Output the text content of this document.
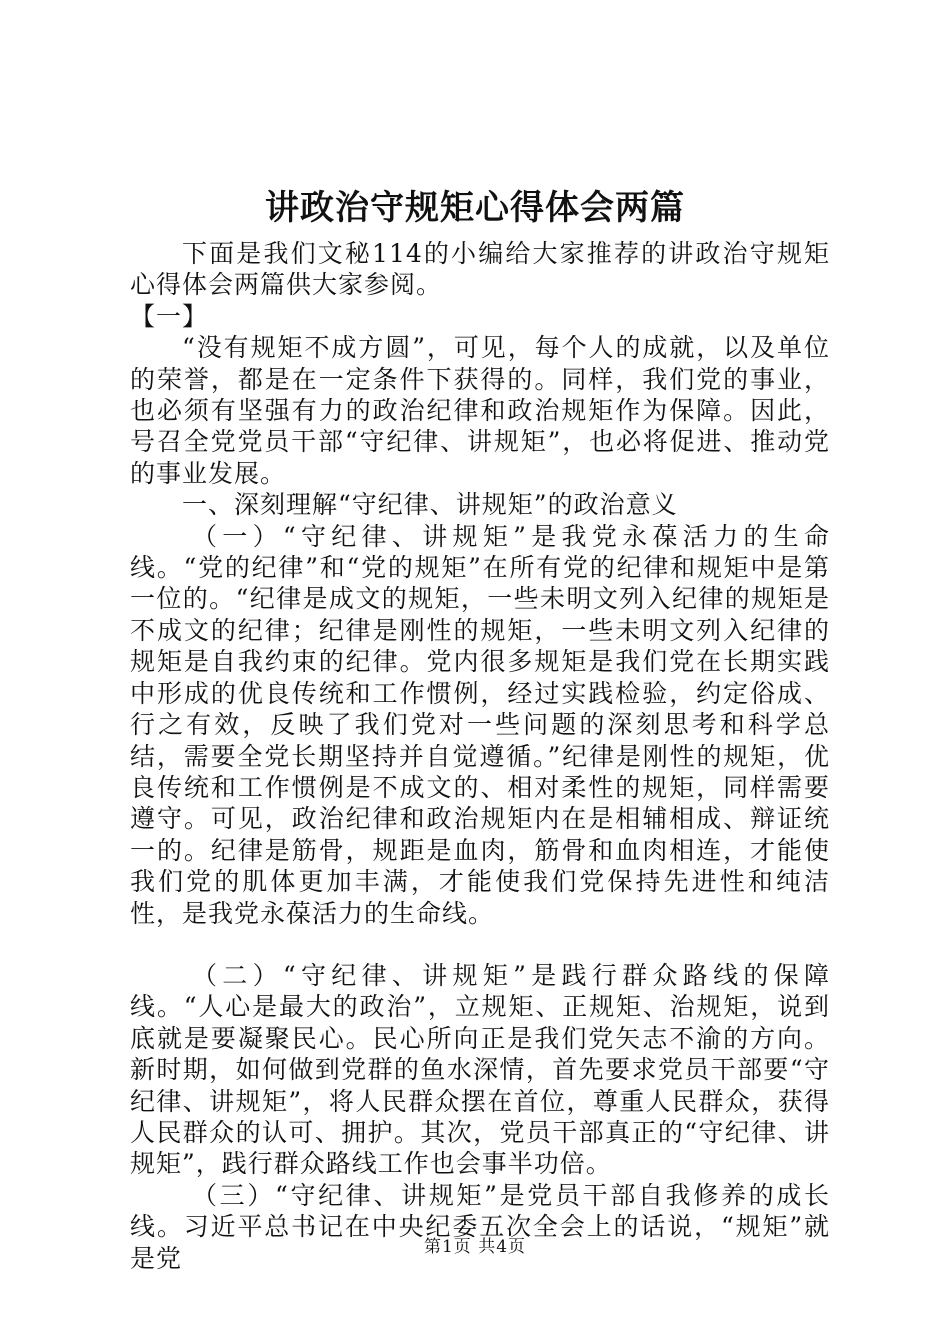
讲政治守规矩心得体会两篇

下面是我们文秘114的小编给大家推荐的讲政治守规矩心得体会两篇供大家参阅。

【一】

“没有规矩不成方圆”，可见，每个人的成就，以及单位的荣誉，都是在一定条件下获得的。同样，我们党的事业，也必须有坚强有力的政治纪律和政治规矩作为保障。因此，号召全党党员干部“守纪律、讲规矩”，也必将促进、推动党的事业发展。

一、深刻理解“守纪律、讲规矩”的政治意义

（一）“守纪律、讲规矩”是我党永葆活力的生命线。“党的纪律”和“党的规矩”在所有党的纪律和规矩中是第一位的。“纪律是成文的规矩，一些未明文列入纪律的规矩是不成文的纪律；纪律是刚性的规矩，一些未明文列入纪律的规矩是自我约束的纪律。党内很多规矩是我们党在长期实践中形成的优良传统和工作惯例，经过实践检验，约定俗成、行之有效，反映了我们党对一些问题的深刻思考和科学总结，需要全党长期坚持并自觉遵循。”纪律是刚性的规矩，优良传统和工作惯例是不成文的、相对柔性的规矩，同样需要遵守。可见，政治纪律和政治规矩内在是相辅相成、辩证统一的。纪律是筋骨，规距是血肉，筋骨和血肉相连，才能使我们党的肌体更加丰满，才能使我们党保持先进性和纯洁性，是我党永葆活力的生命线。

（二）“守纪律、讲规矩”是践行群众路线的保障线。“人心是最大的政治”，立规矩、正规矩、治规矩，说到底就是要凝聚民心。民心所向正是我们党矢志不渝的方向。新时期，如何做到党群的鱼水深情，首先要求党员干部要“守纪律、讲规矩”，将人民群众摆在首位，尊重人民群众，获得人民群众的认可、拥护。其次，党员干部真正的“守纪律、讲规矩”，践行群众路线工作也会事半功倍。

（三）“守纪律、讲规矩”是党员干部自我修养的成长线。习近平总书记在中央纪委五次全会上的话说，“规矩”就是党	第1页 共4页
